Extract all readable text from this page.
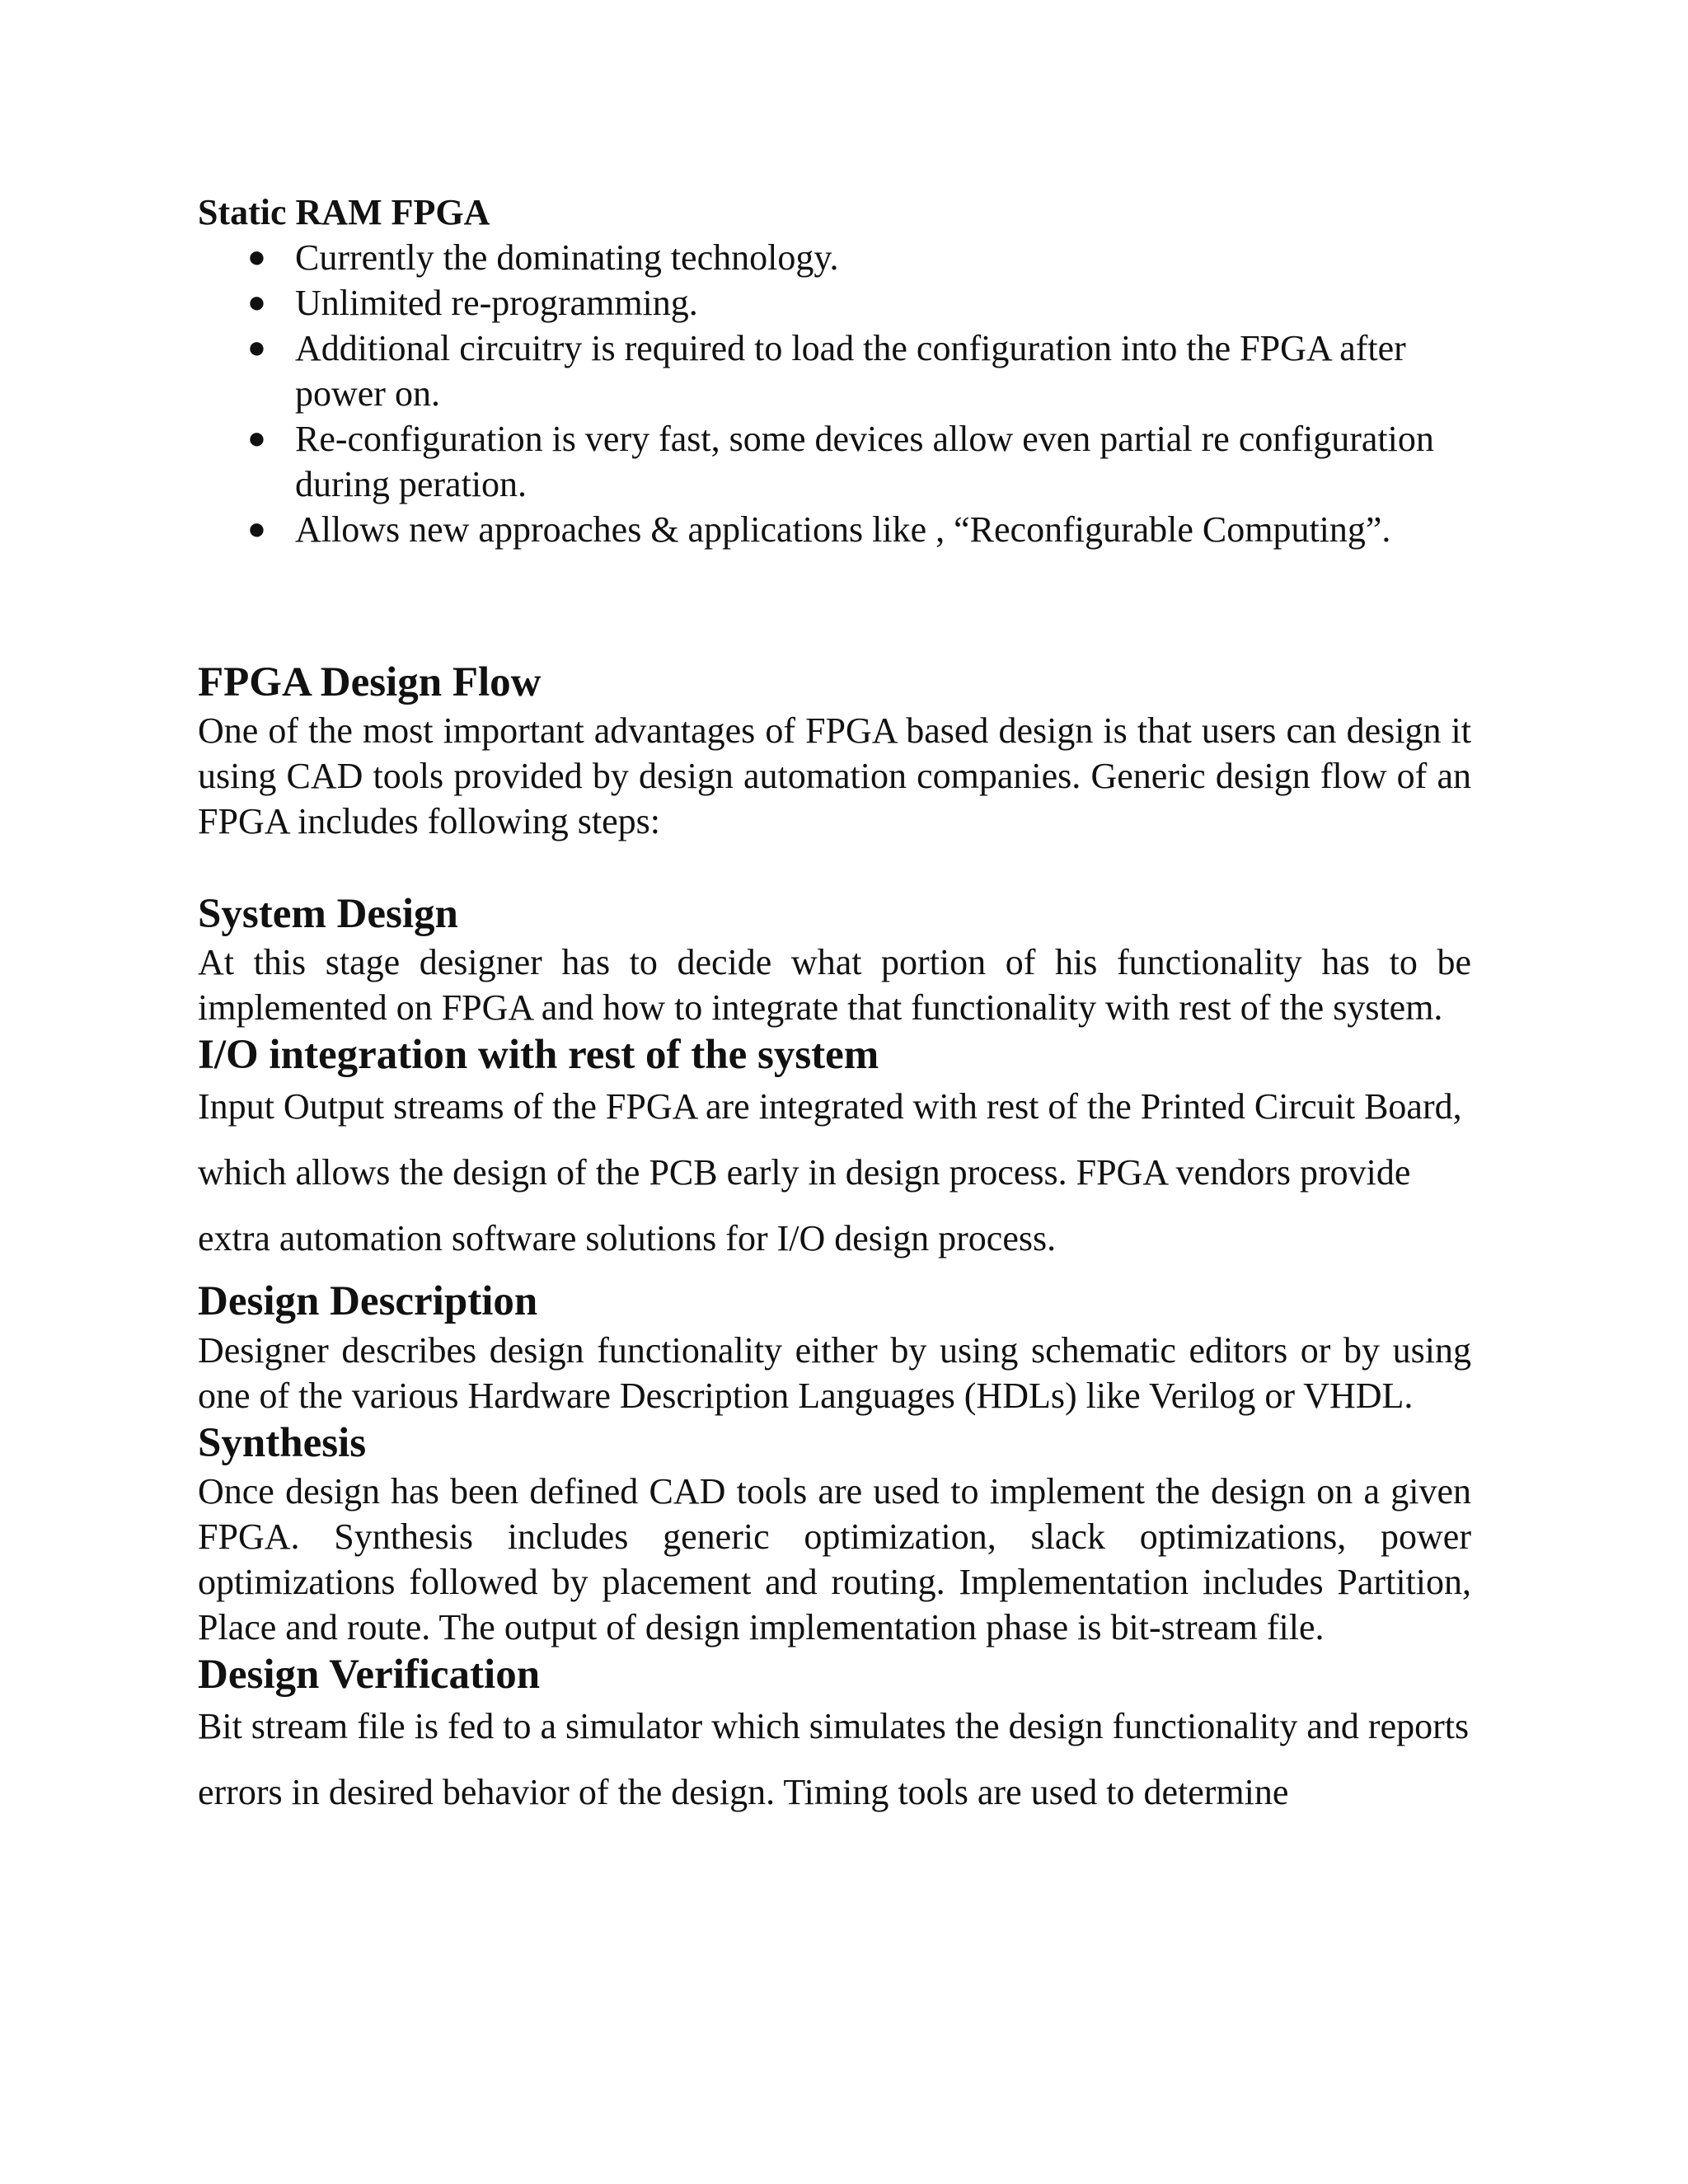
Static RAM FPGA
● Currently the dominating technology.
● Unlimited re-programming.
● Additional circuitry is required to load the configuration into the FPGA after power on.
● Re-configuration is very fast, some devices allow even partial re configuration during peration.
● Allows new approaches & applications like , “Reconfigurable Computing”.
FPGA Design Flow

One of the most important advantages of FPGA based design is that users can design it using CAD tools provided by design automation companies. Generic design flow of an FPGA includes following steps:

System Design

At this stage designer has to decide what portion of his functionality has to be implemented on FPGA and how to integrate that functionality with rest of the system.

I/O integration with rest of the system

Input Output streams of the FPGA are integrated with rest of the Printed Circuit Board, which allows the design of the PCB early in design process. FPGA vendors provide extra automation software solutions for I/O design process.

Design Description

Designer describes design functionality either by using schematic editors or by using one of the various Hardware Description Languages (HDLs) like Verilog or VHDL.

Synthesis

Once design has been defined CAD tools are used to implement the design on a given FPGA. Synthesis includes generic optimization, slack optimizations, power optimizations followed by placement and routing. Implementation includes Partition, Place and route. The output of design implementation phase is bit-stream file.

Design Verification

Bit stream file is fed to a simulator which simulates the design functionality and reports errors in desired behavior of the design. Timing tools are used to determine
